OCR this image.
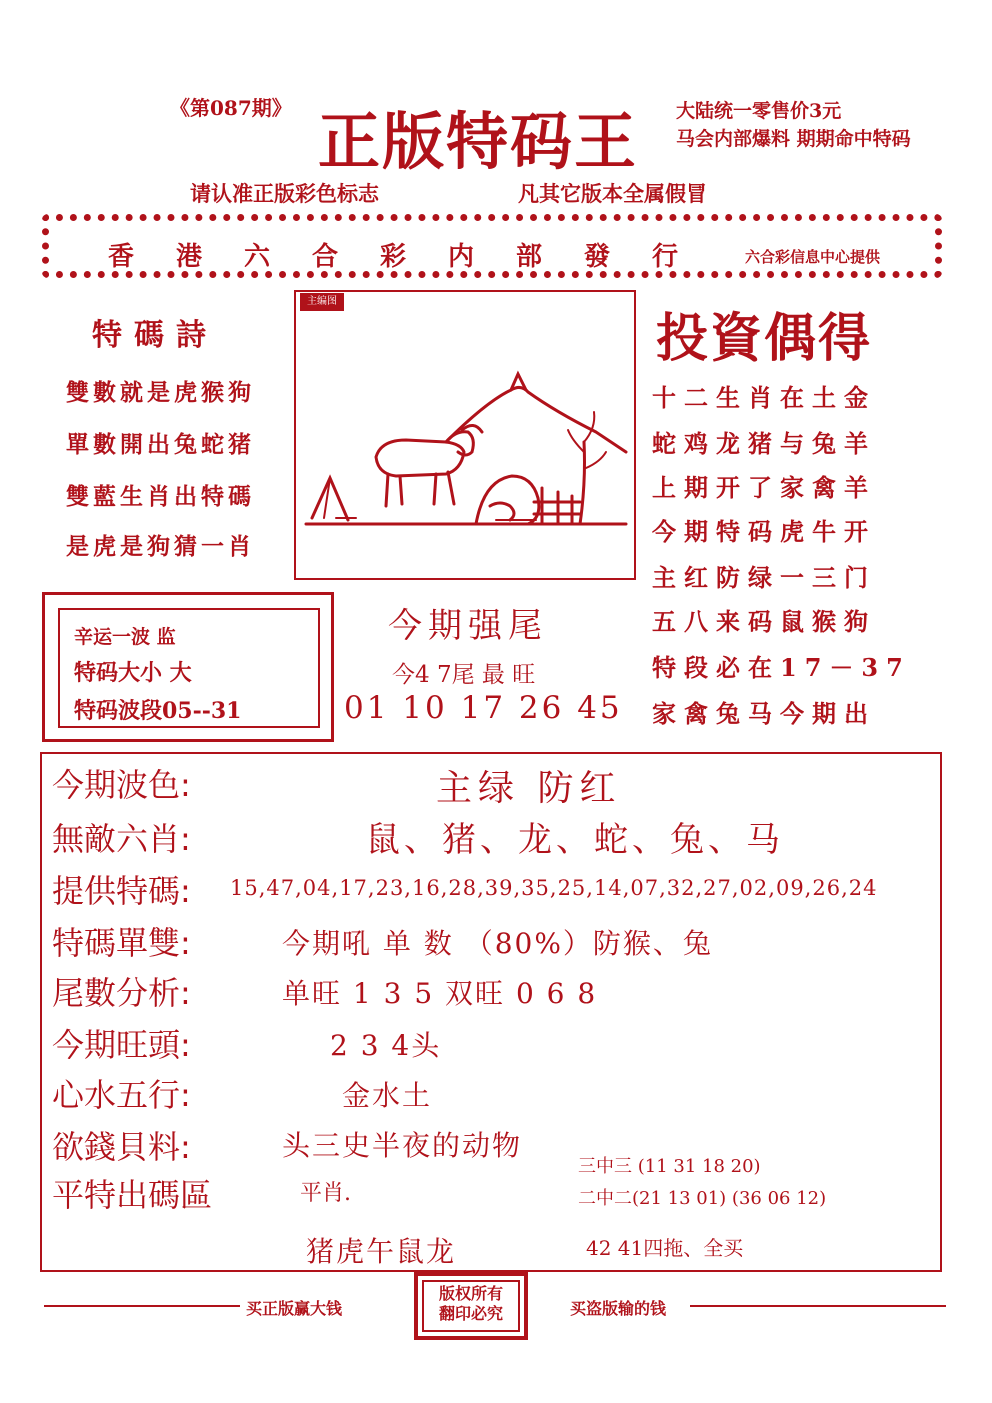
《第087期》 正版特码王 大陆统一零售价3元
马会内部爆料 期期命中特码
请认准正版彩色标志	凡其它版本全属假冒
香港六合彩内部發行 六合彩信息中心提供
特碼詩
雙數就是虎猴狗
單數開出兔蛇猪
雙藍生肖出特碼
是虎是狗猜一肖
主编图
投資偶得
十二生肖在土金
蛇鸡龙猪与兔羊
上期开了家禽羊
今期特码虎牛开
主红防绿一三门
五八来码鼠猴狗
特段必在17－37
家禽兔马今期出
辛运一波 监
特码大小 大
特码波段05--31
今期强尾
今4 7尾 最 旺
01 10 17 26 45
今期波色:	主绿 防红
無敵六肖:	鼠、猪、龙、蛇、兔、马
提供特碼: 15,47,04,17,23,16,28,39,35,25,14,07,32,27,02,09,26,24
特碼單雙:	今期吼 单 数 （80%）防猴、兔
尾數分析:	单旺 1 3 5 双旺 0 6 8
今期旺頭:	2 3 4头
心水五行:	金水土
欲錢貝料:	头三史半夜的动物
平特出碼區	平肖.
猪虎午鼠龙
三中三 (11 31 18 20)
二中二(21 13 01) (36 06 12)
42 41四拖、全买
买正版赢大钱
版权所有
翻印必究	买盗版输的钱
